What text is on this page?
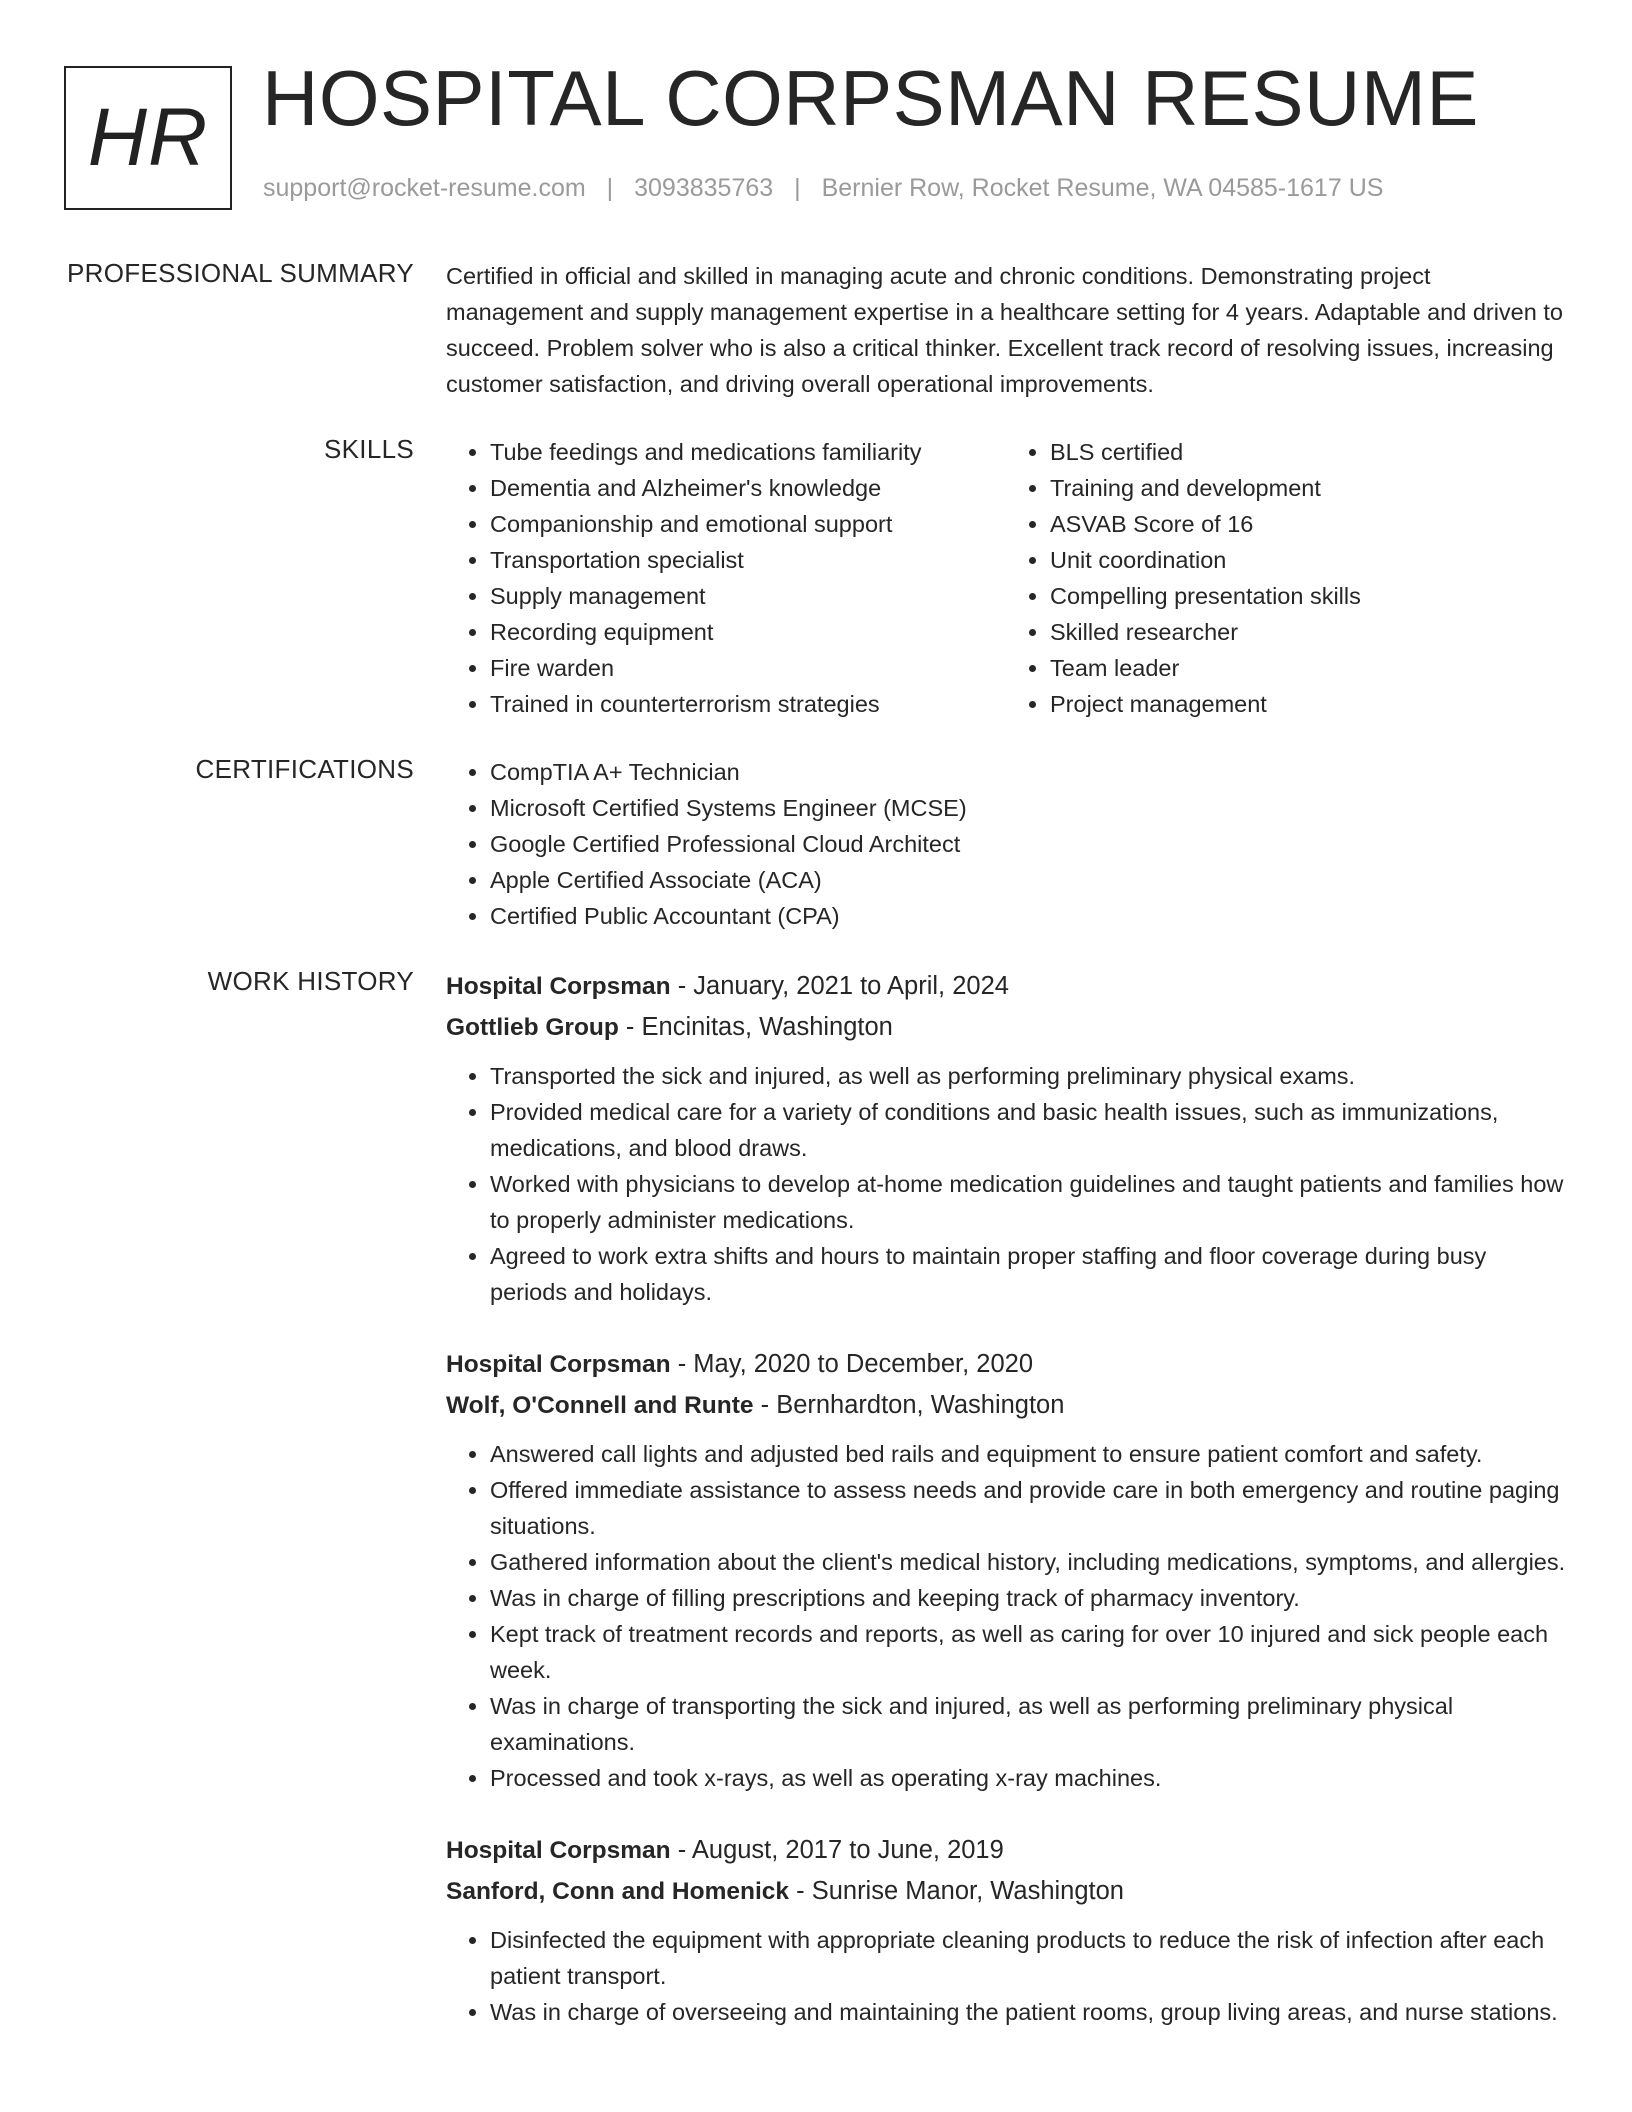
HR HOSPITAL CORPSMAN RESUME
support@rocket-resume.com | 3093835763 | Bernier Row, Rocket Resume, WA 04585-1617 US
PROFESSIONAL SUMMARY Certified in official and skilled in managing acute and chronic conditions. Demonstrating project management and supply management expertise in a healthcare setting for 4 years. Adaptable and driven to succeed. Problem solver who is also a critical thinker. Excellent track record of resolving issues, increasing customer satisfaction, and driving overall operational improvements.

SKILLS	• Tube feedings and medications familiarity
• Dementia and Alzheimer's knowledge
• Companionship and emotional support
• Transportation specialist
• Supply management
• Recording equipment
• Fire warden
• Trained in counterterrorism strategies
• BLS certified
• Training and development
• ASVAB Score of 16
• Unit coordination
• Compelling presentation skills
• Skilled researcher
• Team leader
• Project management
CERTIFICATIONS	• CompTIA A+ Technician
• Microsoft Certified Systems Engineer (MCSE)
• Google Certified Professional Cloud Architect
• Apple Certified Associate (ACA)
• Certified Public Accountant (CPA)
WORK HISTORY Hospital Corpsman - January, 2021 to April, 2024
Gottlieb Group - Encinitas, Washington
• Transported the sick and injured, as well as performing preliminary physical exams.
• Provided medical care for a variety of conditions and basic health issues, such as immunizations, medications, and blood draws.
• Worked with physicians to develop at-home medication guidelines and taught patients and families how to properly administer medications.
• Agreed to work extra shifts and hours to maintain proper staffing and floor coverage during busy periods and holidays.
Hospital Corpsman - May, 2020 to December, 2020
Wolf, O'Connell and Runte - Bernhardton, Washington
• Answered call lights and adjusted bed rails and equipment to ensure patient comfort and safety.
• Offered immediate assistance to assess needs and provide care in both emergency and routine paging situations.
• Gathered information about the client's medical history, including medications, symptoms, and allergies.
• Was in charge of filling prescriptions and keeping track of pharmacy inventory.
• Kept track of treatment records and reports, as well as caring for over 10 injured and sick people each week.
• Was in charge of transporting the sick and injured, as well as performing preliminary physical examinations.
• Processed and took x-rays, as well as operating x-ray machines.
Hospital Corpsman - August, 2017 to June, 2019
Sanford, Conn and Homenick - Sunrise Manor, Washington
• Disinfected the equipment with appropriate cleaning products to reduce the risk of infection after each patient transport.
• Was in charge of overseeing and maintaining the patient rooms, group living areas, and nurse stations.
